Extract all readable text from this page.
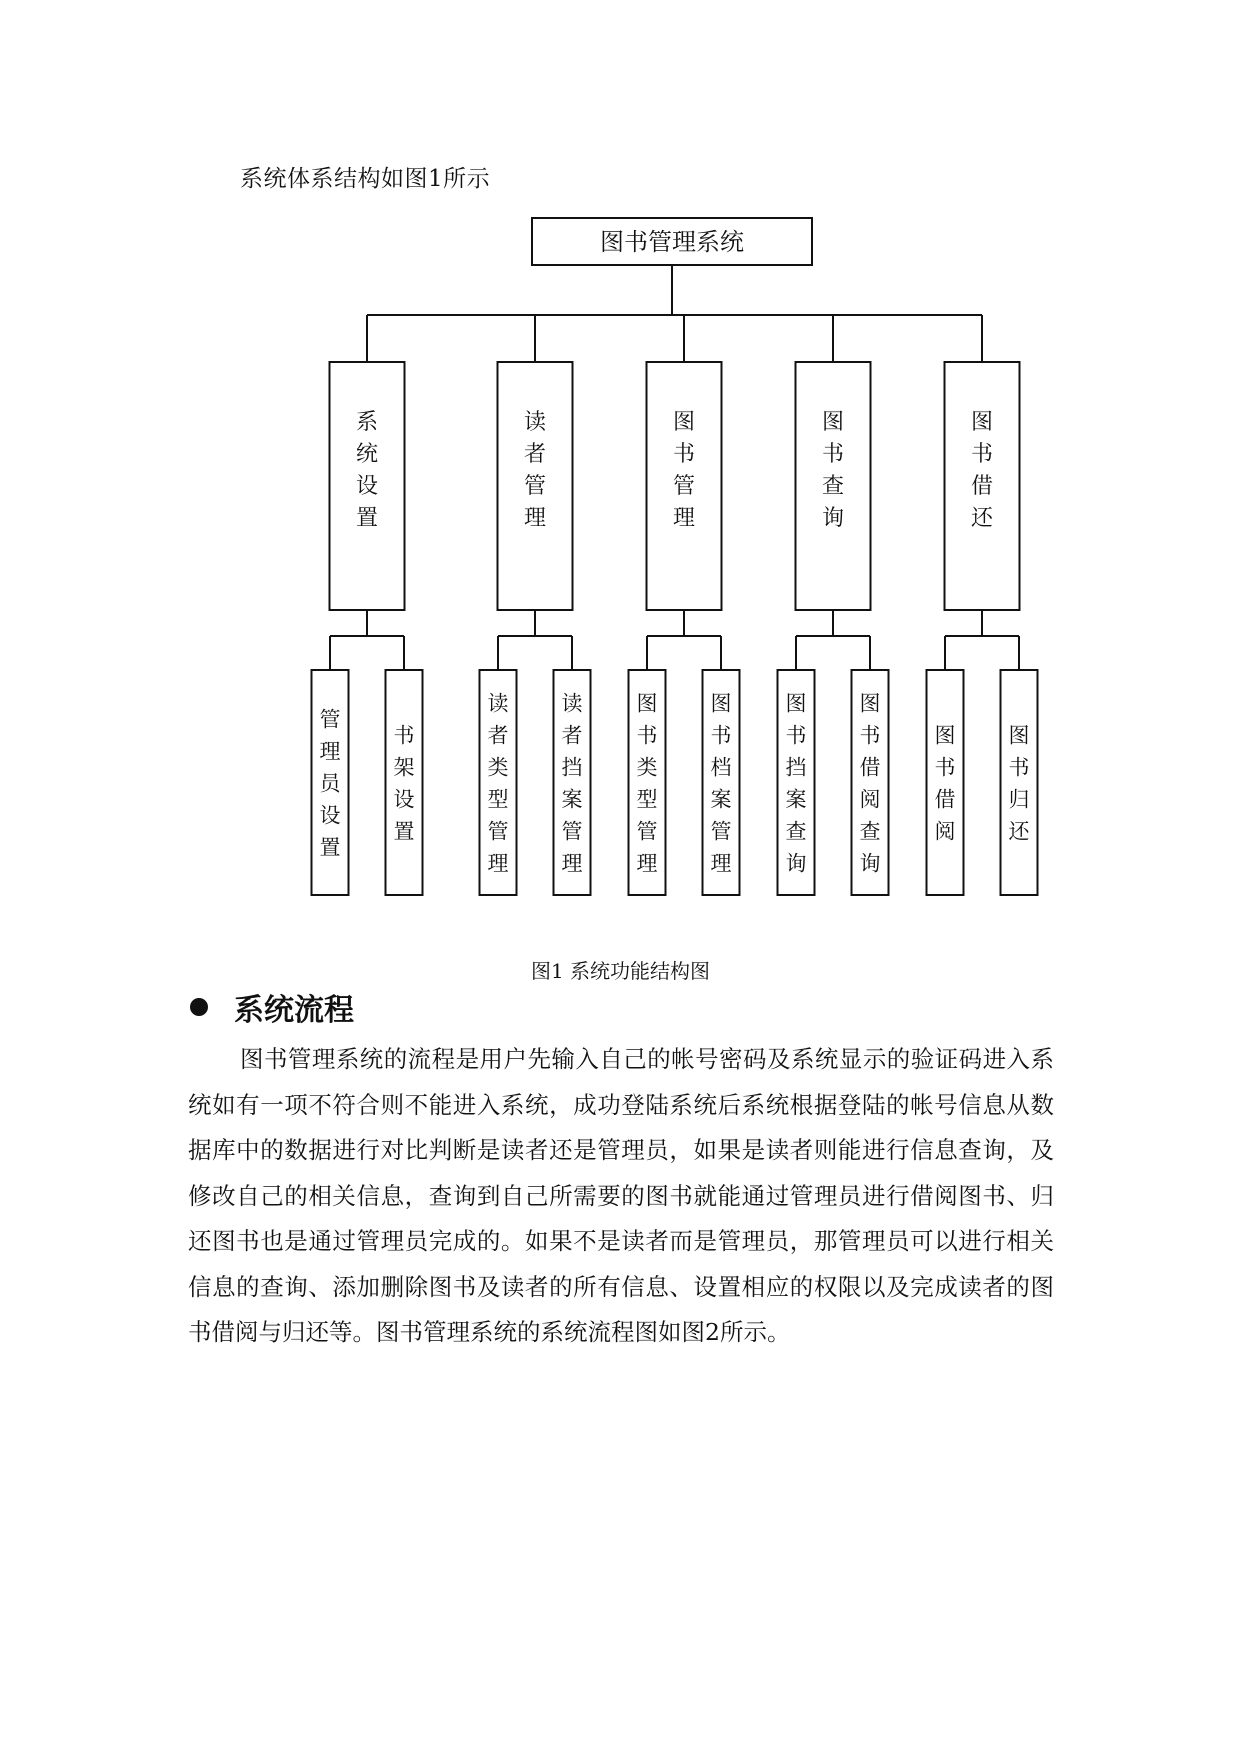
系统体系结构如图1所示
图书管理系统
系
统
设
置
管
理
员
设
置
书
架
设
置
读
者
管
理
读
者
类
型
管
理
读
者
挡
案
管
理
图
书
管
理
图
书
类
型
管
理
图
书
档
案
管
理
图
书
查
询
图
书
挡
案
查
询
图
书
借
阅
查
询
图
书
借
还
图
书
借
阅
图
书
归
还
图1 系统功能结构图
系统流程
图书管理系统的流程是用户先输入自己的帐号密码及系统显示的验证码进入系统如有一项不符合则不能进入系统，成功登陆系统后系统根据登陆的帐号信息从数据库中的数据进行对比判断是读者还是管理员，如果是读者则能进行信息查询，及修改自己的相关信息，查询到自己所需要的图书就能通过管理员进行借阅图书、归还图书也是通过管理员完成的。如果不是读者而是管理员，那管理员可以进行相关信息的查询、添加删除图书及读者的所有信息、设置相应的权限以及完成读者的图书借阅与归还等。图书管理系统的系统流程图如图2所示。
